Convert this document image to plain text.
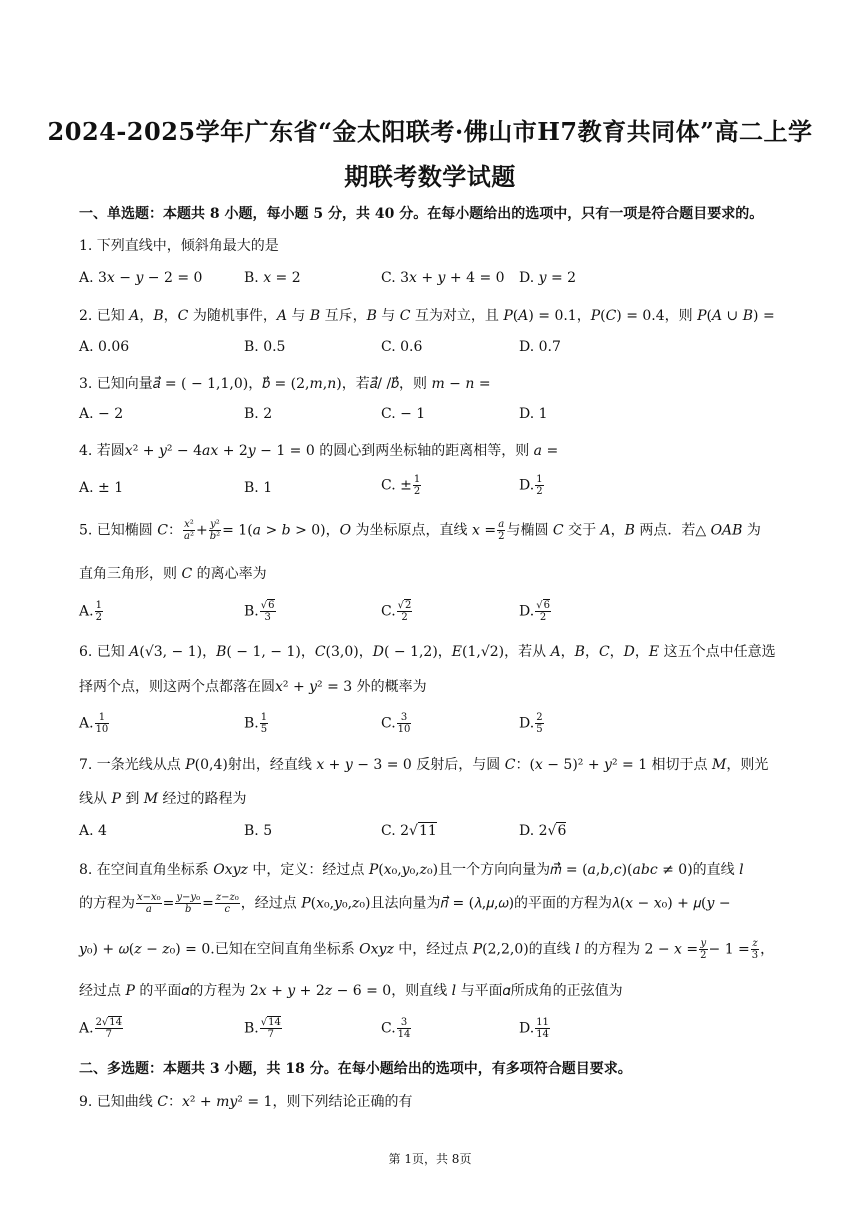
2024-2025学年广东省“金太阳联考·佛山市H7教育共同体”高二上学
期联考数学试题
一、单选题：本题共 8 小题，每小题 5 分，共 40 分。在每小题给出的选项中，只有一项是符合题目要求的。
1. 下列直线中，倾斜角最大的是
A. 3𝑥 − 𝑦 − 2 = 0	B. 𝑥 = 2	C. 3𝑥 + 𝑦 + 4 = 0 D. 𝑦 = 2
2. 已知 𝐴，𝐵，𝐶 为随机事件，𝐴 与 𝐵 互斥，𝐵 与 𝐶 互为对立，且 𝑃(𝐴) = 0.1，𝑃(𝐶) = 0.4，则 𝑃(𝐴 ∪ 𝐵) =
A. 0.06	B. 0.5	C. 0.6	D. 0.7
3. 已知向量𝑎⃗ = ( − 1,1,0)，𝑏⃗ = (2,𝑚,𝑛)，若𝑎⃗/ /𝑏⃗，则 𝑚 − 𝑛 =
A. − 2	B. 2	C. − 1	D. 1
4. 若圆𝑥² + 𝑦² − 4𝑎𝑥 + 2𝑦 − 1 = 0 的圆心到两坐标轴的距离相等，则 𝑎 =
A. ± 1	B. 1	C. ± $\frac{1}{2}$	D. $\frac{1}{2}$
5. 已知椭圆 𝐶： $\frac{\text{𝑥²}}{\text{𝑎²}} + \frac{\text{𝑦²}}{\text{𝑏²}}$ = 1(𝑎 > 𝑏 > 0)，𝑂 为坐标原点，直线 𝑥 = $\frac{\text{𝑎}}{2}$ 与椭圆 𝐶 交于 𝐴，𝐵 两点．若△ 𝑂𝐴𝐵 为
直角三角形，则 𝐶 的离心率为
A. $\frac{1}{2}$	B. $\frac{√6}{3}$	C. $\frac{√2}{2}$	D. $\frac{√6}{2}$
6. 已知 𝐴(√3, − 1)，𝐵( − 1, − 1)，𝐶(3,0)，𝐷( − 1,2)，𝐸(1,√2)，若从 𝐴，𝐵，𝐶，𝐷，𝐸 这五个点中任意选
择两个点，则这两个点都落在圆𝑥² + 𝑦² = 3 外的概率为
A. $\frac{1}{10}$	B. $\frac{1}{5}$	C. $\frac{3}{10}$	D. $\frac{2}{5}$
7. 一条光线从点 𝑃(0,4)射出，经直线 𝑥 + 𝑦 − 3 = 0 反射后，与圆 𝐶：(𝑥 − 5)² + 𝑦² = 1 相切于点 𝑀，则光
线从 𝑃 到 𝑀 经过的路程为
A. 4	B. 5	C. 2√11	D. 2√6
8. 在空间直角坐标系 𝑂𝑥𝑦𝑧 中，定义：经过点 𝑃(𝑥₀,𝑦₀,𝑧₀)且一个方向向量为𝑚⃗⃗ = (𝑎,𝑏,𝑐)(𝑎𝑏𝑐 ≠ 0)的直线 𝑙
的方程为 $\frac{\text{𝑥−𝑥₀}}{\text{𝑎}} = \frac{\text{𝑦−𝑦₀}}{\text{𝑏}} = \frac{\text{𝑧−𝑧₀}}{\text{𝑐}}$ ，经过点 𝑃(𝑥₀,𝑦₀,𝑧₀)且法向量为𝑛⃗ = (𝜆,𝜇,𝜔)的平面的方程为𝜆(𝑥 − 𝑥₀) + 𝜇(𝑦 −
𝑦₀) + 𝜔(𝑧 − 𝑧₀) = 0.已知在空间直角坐标系 𝑂𝑥𝑦𝑧 中，经过点 𝑃(2,2,0)的直线 𝑙 的方程为 2 − 𝑥 = $\frac{\text{𝑦}}{2} - 1 = \frac{\text{𝑧}}{3}$ ，
经过点 𝑃 的平面𝛼的方程为 2𝑥 + 𝑦 + 2𝑧 − 6 = 0，则直线 𝑙 与平面𝛼所成角的正弦值为
A. $\frac{2√14}{7}$	B. $\frac{√14}{7}$	C. $\frac{3}{14}$	D. $\frac{11}{14}$
二、多选题：本题共 3 小题，共 18 分。在每小题给出的选项中，有多项符合题目要求。
9. 已知曲线 𝐶：𝑥² + 𝑚𝑦² = 1，则下列结论正确的有
第 1页，共 8页
